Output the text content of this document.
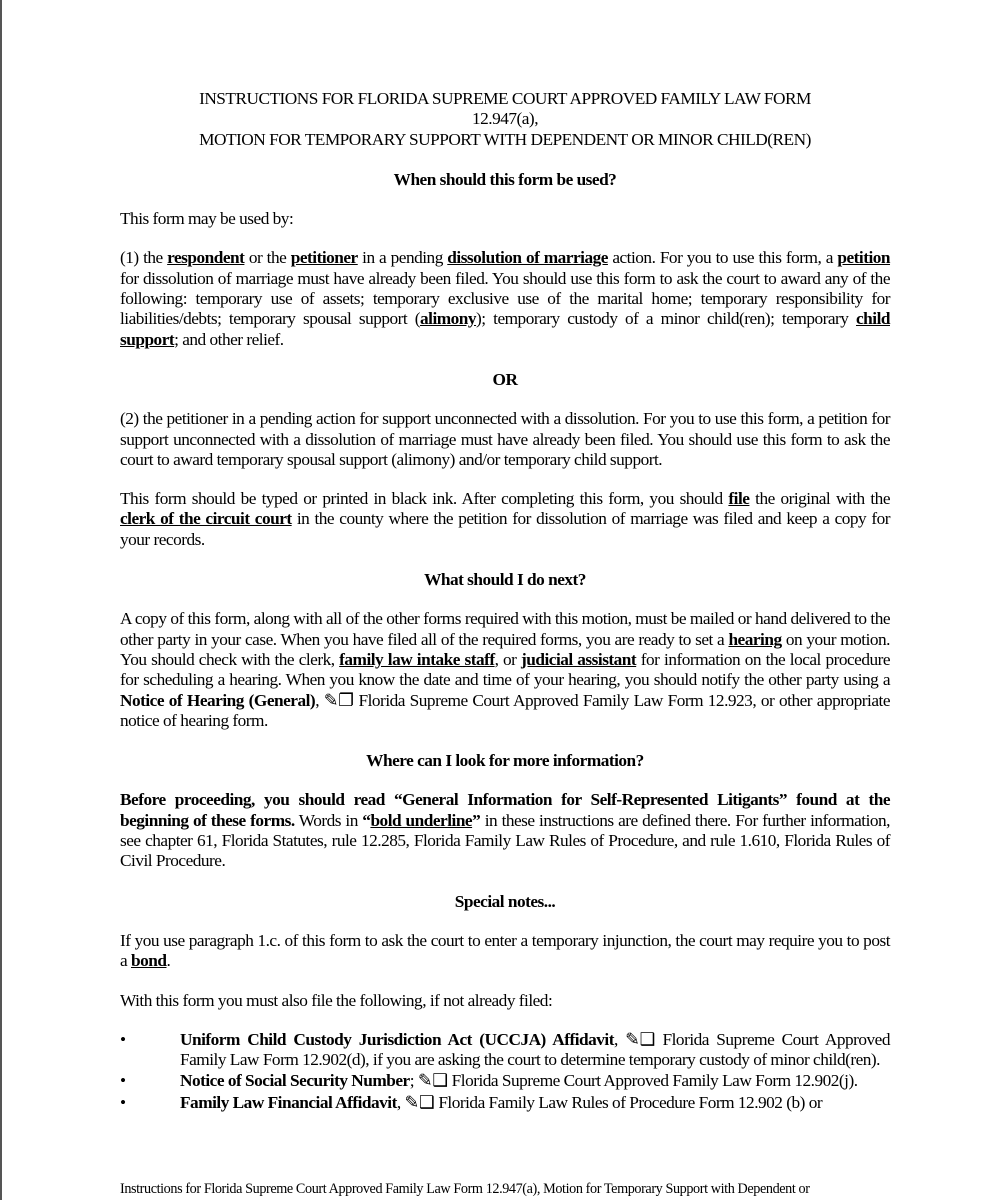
INSTRUCTIONS FOR FLORIDA SUPREME COURT APPROVED FAMILY LAW FORM
12.947(a),
MOTION FOR TEMPORARY SUPPORT WITH DEPENDENT OR MINOR CHILD(REN)
When should this form be used?

This form may be used by:

(1) the respondent or the petitioner in a pending dissolution of marriage action. For you to use this form, a petition for dissolution of marriage must have already been filed. You should use this form to ask the court to award any of the following: temporary use of assets; temporary exclusive use of the marital home; temporary responsibility for liabilities/debts; temporary spousal support (alimony); temporary custody of a minor child(ren); temporary child support; and other relief.

OR

(2) the petitioner in a pending action for support unconnected with a dissolution. For you to use this form, a petition for support unconnected with a dissolution of marriage must have already been filed. You should use this form to ask the court to award temporary spousal support (alimony) and/or temporary child support.

This form should be typed or printed in black ink. After completing this form, you should file the original with the clerk of the circuit court in the county where the petition for dissolution of marriage was filed and keep a copy for your records.

What should I do next?

A copy of this form, along with all of the other forms required with this motion, must be mailed or hand delivered to the other party in your case. When you have filed all of the required forms, you are ready to set a hearing on your motion. You should check with the clerk, family law intake staff, or judicial assistant for information on the local procedure for scheduling a hearing. When you know the date and time of your hearing, you should notify the other party using a Notice of Hearing (General), ✎❐ Florida Supreme Court Approved Family Law Form 12.923, or other appropriate notice of hearing form.

Where can I look for more information?

Before proceeding, you should read “General Information for Self-Represented Litigants” found at the beginning of these forms. Words in “bold underline” in these instructions are defined there. For further information, see chapter 61, Florida Statutes, rule 12.285, Florida Family Law Rules of Procedure, and rule 1.610, Florida Rules of Civil Procedure.

Special notes...

If you use paragraph 1.c. of this form to ask the court to enter a temporary injunction, the court may require you to post a bond.

With this form you must also file the following, if not already filed:

•	Uniform Child Custody Jurisdiction Act (UCCJA) Affidavit, ✎❑ Florida Supreme Court Approved Family Law Form 12.902(d), if you are asking the court to determine temporary custody of minor child(ren).
•	Notice of Social Security Number; ✎❑ Florida Supreme Court Approved Family Law Form 12.902(j).
•	Family Law Financial Affidavit, ✎❑ Florida Family Law Rules of Procedure Form 12.902 (b) or
Instructions for Florida Supreme Court Approved Family Law Form 12.947(a), Motion for Temporary Support with Dependent or
